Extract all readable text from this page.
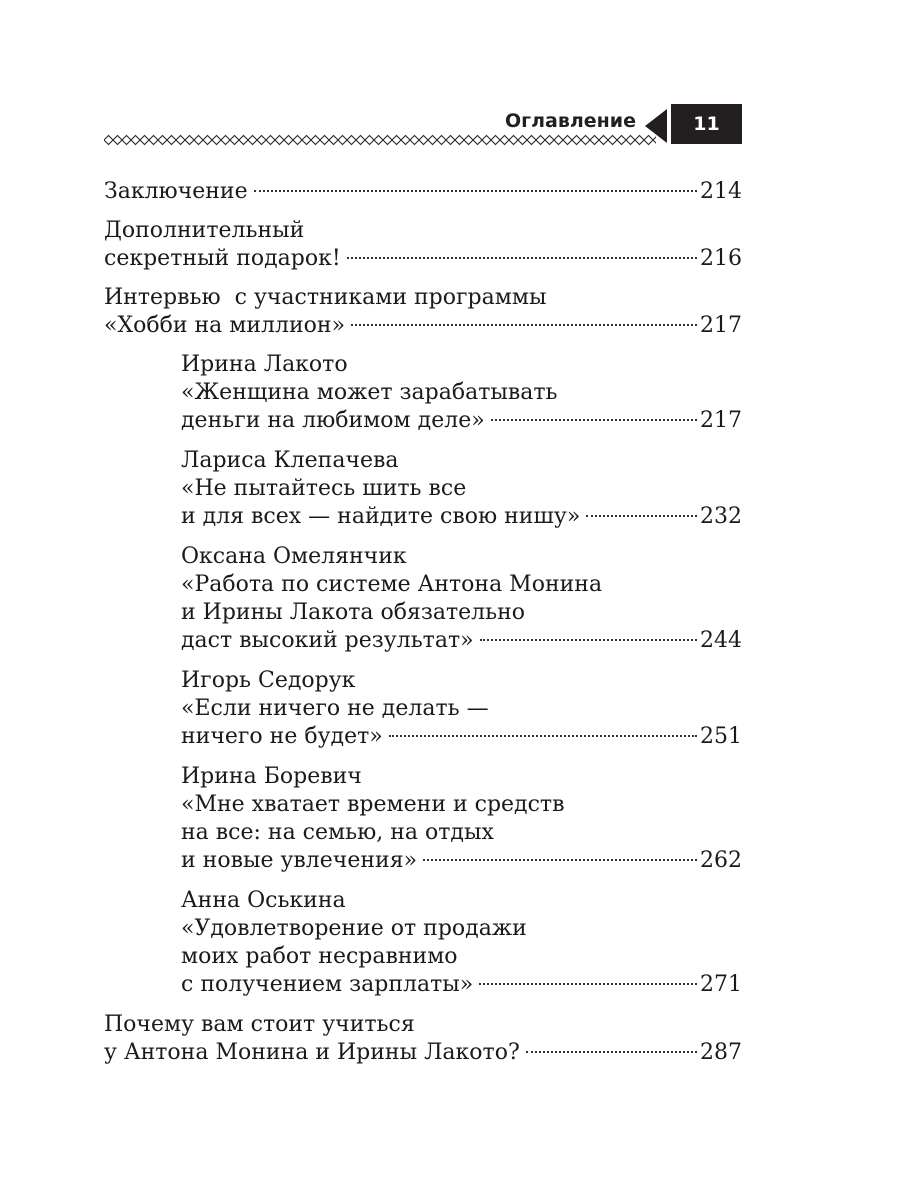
Оглавление	11
Заключение	214
Дополнительный
секретный подарок!	216
Интервью  с участниками программы
«Хобби на миллион»	217
Ирина Лакото
«Женщина может зарабатывать
деньги на любимом деле»	217
Лариса Клепачева
«Не пытайтесь шить все
и для всех — найдите свою нишу»	232
Оксана Омелянчик
«Работа по системе Антона Монина
и Ирины Лакота обязательно
даст высокий результат»	244
Игорь Седорук
«Если ничего не делать —
ничего не будет»	251
Ирина Боревич
«Мне хватает времени и средств
на все: на семью, на отдых
и новые увлечения»	262
Анна Оськина
«Удовлетворение от продажи
моих работ несравнимо
с получением зарплаты»	271
Почему вам стоит учиться
у Антона Монина и Ирины Лакото?	287
